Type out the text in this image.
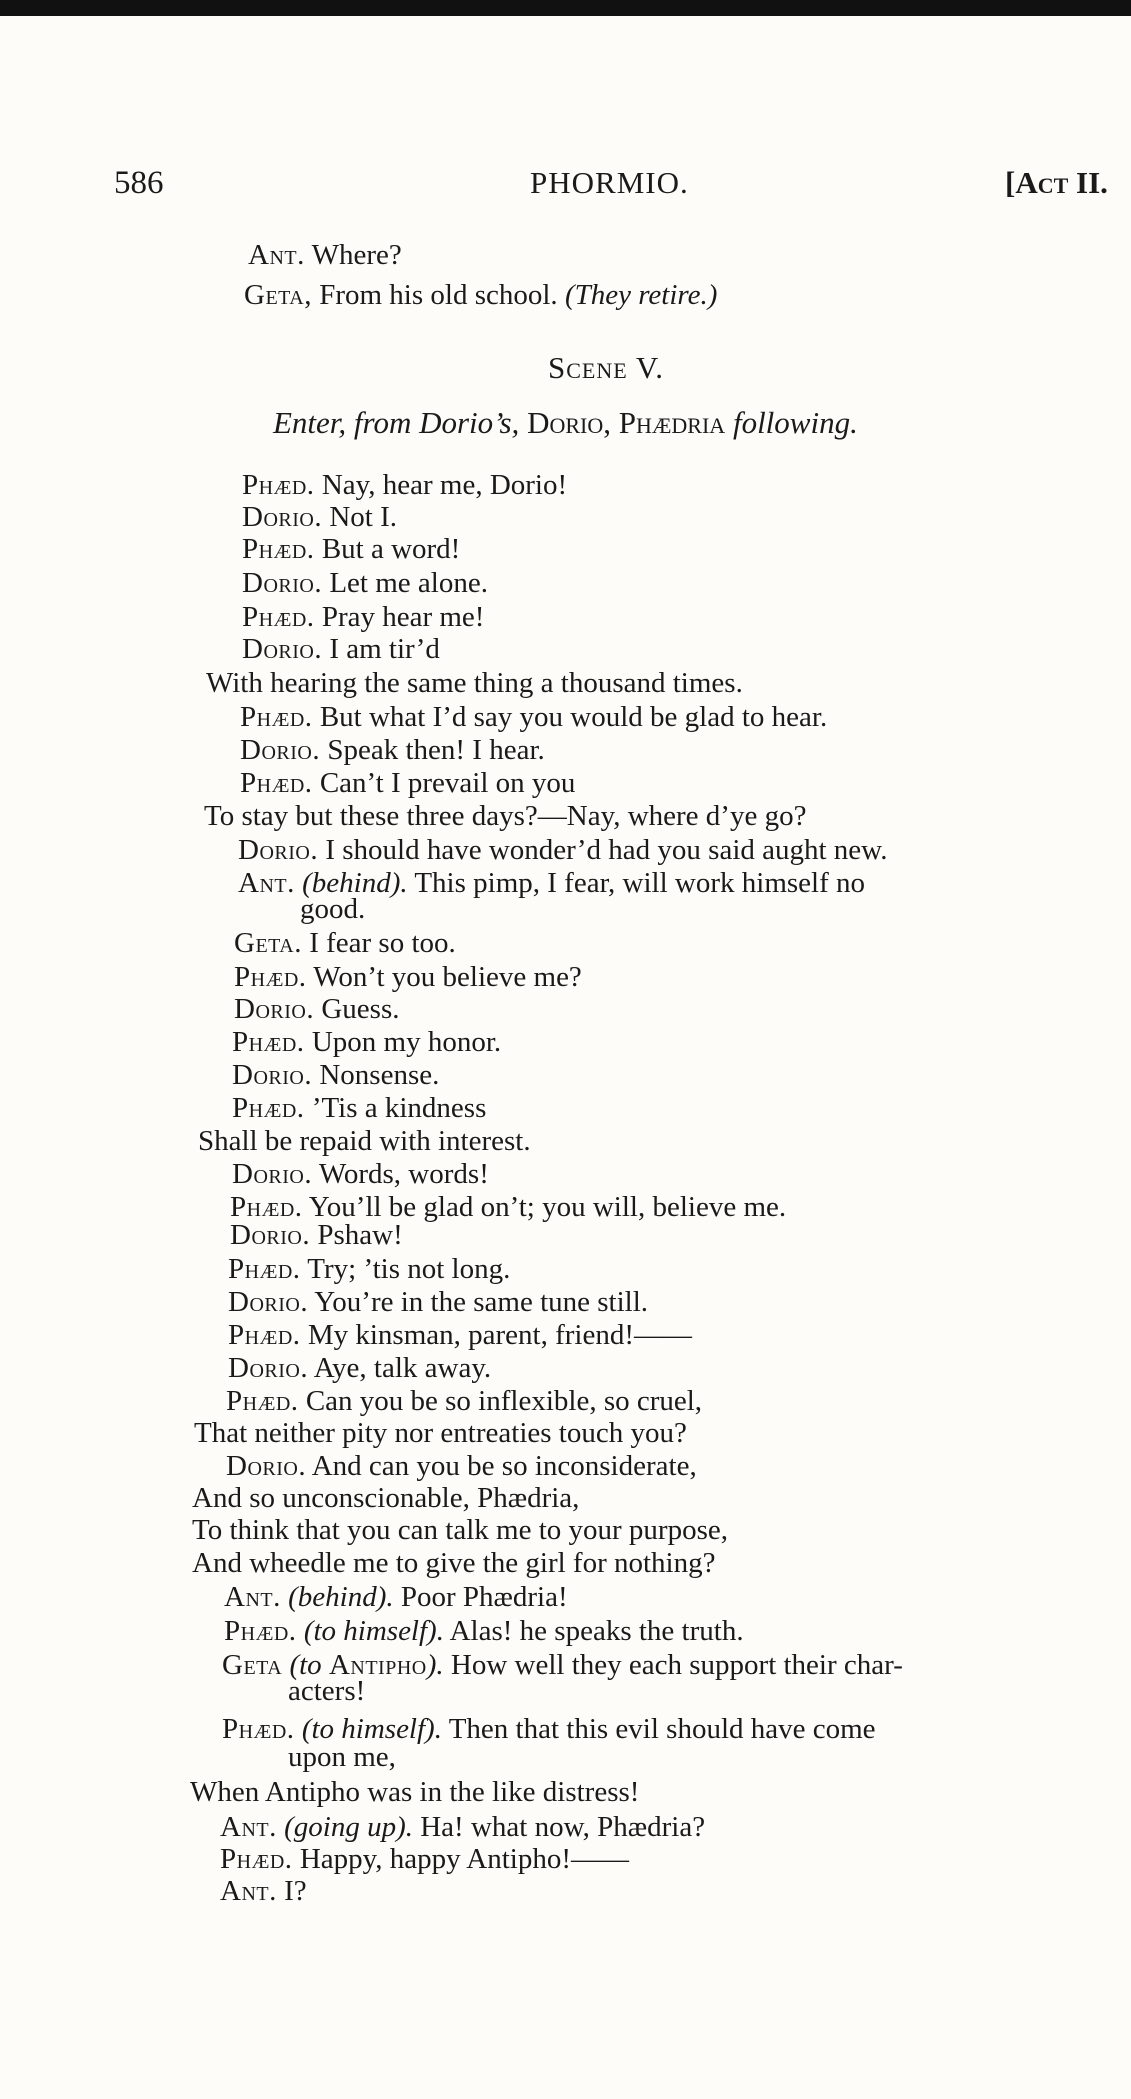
586	PHORMIO.	[Act II.
Scene V.
Enter, from Dorio’s, Dorio, Phædria following.
Ant. Where?
Geta, From his old school. (They retire.)
Phæd. Nay, hear me, Dorio!
Dorio. Not I.
Phæd. But a word!
Dorio. Let me alone.
Phæd. Pray hear me!
Dorio. I am tir’d
With hearing the same thing a thousand times.
Phæd. But what I’d say you would be glad to hear.
Dorio. Speak then! I hear.
Phæd. Can’t I prevail on you
To stay but these three days?—Nay, where d’ye go?
Dorio. I should have wonder’d had you said aught new.
Ant. (behind). This pimp, I fear, will work himself no
good.
Geta. I fear so too.
Phæd. Won’t you believe me?
Dorio. Guess.
Phæd. Upon my honor.
Dorio. Nonsense.
Phæd. ’Tis a kindness
Shall be repaid with interest.
Dorio. Words, words!
Phæd. You’ll be glad on’t; you will, believe me.
Dorio. Pshaw!
Phæd. Try; ’tis not long.
Dorio. You’re in the same tune still.
Phæd. My kinsman, parent, friend!——
Dorio. Aye, talk away.
Phæd. Can you be so inflexible, so cruel,
That neither pity nor entreaties touch you?
Dorio. And can you be so inconsiderate,
And so unconscionable, Phædria,
To think that you can talk me to your purpose,
And wheedle me to give the girl for nothing?
Ant. (behind). Poor Phædria!
Phæd. (to himself). Alas! he speaks the truth.
Geta (to Antipho). How well they each support their char-
acters!
Phæd. (to himself). Then that this evil should have come
upon me,
When Antipho was in the like distress!
Ant. (going up). Ha! what now, Phædria?
Phæd. Happy, happy Antipho!——
Ant. I?
